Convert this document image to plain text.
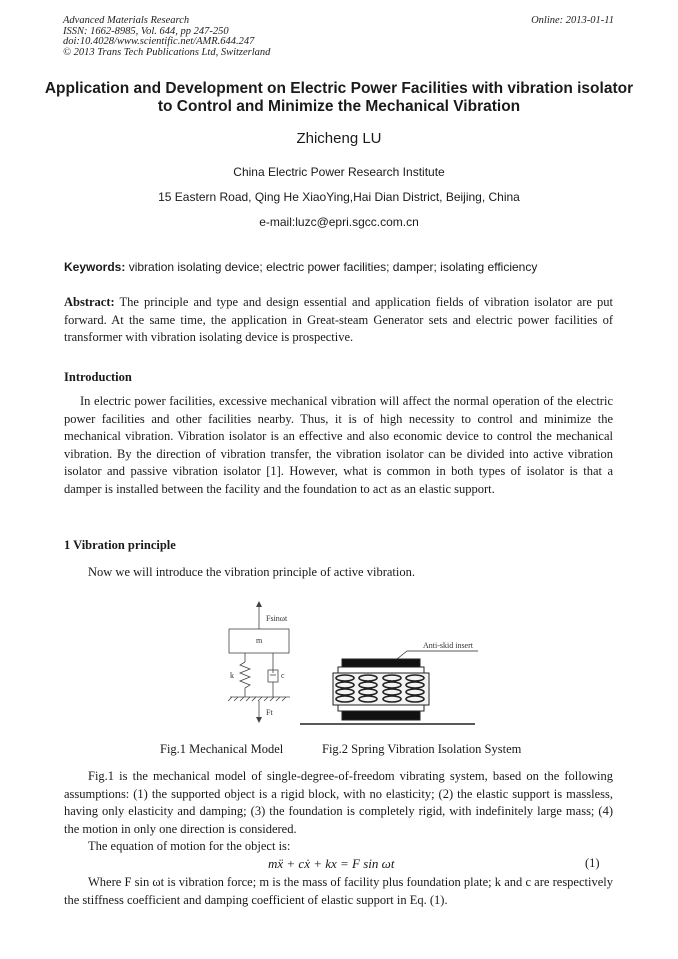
Advanced Materials Research
ISSN: 1662-8985, Vol. 644, pp 247-250
doi:10.4028/www.scientific.net/AMR.644.247
© 2013 Trans Tech Publications Ltd, Switzerland
Online: 2013-01-11
Application and Development on Electric Power Facilities with vibration isolator to Control and Minimize the Mechanical Vibration
Zhicheng LU
China Electric Power Research Institute
15 Eastern Road, Qing He XiaoYing,Hai Dian District, Beijing, China
e-mail:luzc@epri.sgcc.com.cn
Keywords: vibration isolating device; electric power facilities; damper; isolating efficiency
Abstract: The principle and type and design essential and application fields of vibration isolator are put forward. At the same time, the application in Great-steam Generator sets and electric power facilities of transformer with vibration isolating device is prospective.
Introduction
In electric power facilities, excessive mechanical vibration will affect the normal operation of the electric power facilities and other facilities nearby. Thus, it is of high necessity to control and minimize the mechanical vibration. Vibration isolator is an effective and also economic device to control the mechanical vibration. By the direction of vibration transfer, the vibration isolator can be divided into active vibration isolator and passive vibration isolator [1]. However, what is common in both types of isolator is that a damper is installed between the facility and the foundation to act as an elastic support.
1 Vibration principle
Now we will introduce the vibration principle of active vibration.
Fsinωt
m
k	c
Ft
Anti-skid insert
Fig.1 Mechanical Model	Fig.2 Spring Vibration Isolation System
Fig.1 is the mechanical model of single-degree-of-freedom vibrating system, based on the following assumptions: (1) the supported object is a rigid block, with no elasticity; (2) the elastic support is massless, having only elasticity and damping; (3) the foundation is completely rigid, with indefinitely large mass; (4) the motion in only one direction is considered.
The equation of motion for the object is:
mẍ + cẋ + kx = F sin ωt	(1)
Where F sin ωt is vibration force; m is the mass of facility plus foundation plate; k and c are respectively the stiffness coefficient and damping coefficient of elastic support in Eq. (1).
